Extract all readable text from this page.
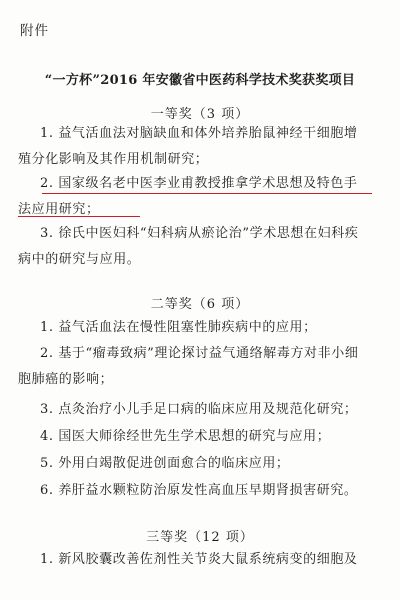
附件
“一方杯”2016 年安徽省中医药科学技术奖获奖项目
一等奖（3 项）
1. 益气活血法对脑缺血和体外培养胎鼠神经干细胞增
殖分化影响及其作用机制研究；
2. 国家级名老中医李业甫教授推拿学术思想及特色手
法应用研究；
3. 徐氏中医妇科“妇科病从瘀论治”学术思想在妇科疾
病中的研究与应用。
二等奖（6 项）
1. 益气活血法在慢性阻塞性肺疾病中的应用；
2. 基于“瘤毒致病”理论探讨益气通络解毒方对非小细
胞肺癌的影响；
3. 点灸治疗小儿手足口病的临床应用及规范化研究；
4. 国医大师徐经世先生学术思想的研究与应用；
5. 外用白竭散促进创面愈合的临床应用；
6. 养肝益水颗粒防治原发性高血压早期肾损害研究。
三等奖（12 项）
1. 新风胶囊改善佐剂性关节炎大鼠系统病变的细胞及
